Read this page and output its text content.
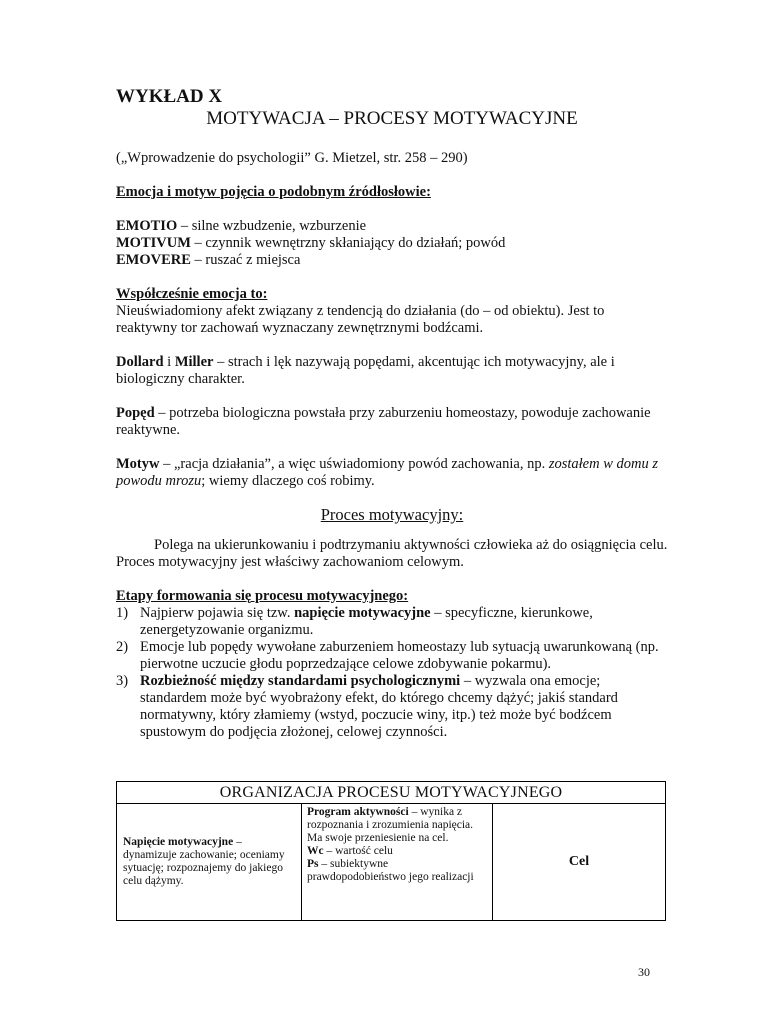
WYKŁAD X

MOTYWACJA – PROCESY MOTYWACYJNE

(„Wprowadzenie do psychologii” G. Mietzel, str. 258 – 290)

Emocja i motyw pojęcia o podobnym źródłosłowie:

EMOTIO – silne wzbudzenie, wzburzenie

MOTIVUM – czynnik wewnętrzny skłaniający do działań; powód

EMOVERE – ruszać z miejsca

Współcześnie emocja to:

Nieuświadomiony afekt związany z tendencją do działania (do – od obiektu). Jest to reaktywny tor zachowań wyznaczany zewnętrznymi bodźcami.

Dollard i Miller – strach i lęk nazywają popędami, akcentując ich motywacyjny, ale i biologiczny charakter.

Popęd – potrzeba biologiczna powstała przy zaburzeniu homeostazy, powoduje zachowanie reaktywne.

Motyw – „racja działania”, a więc uświadomiony powód zachowania, np. zostałem w domu z powodu mrozu; wiemy dlaczego coś robimy.

Proces motywacyjny:

Polega na ukierunkowaniu i podtrzymaniu aktywności człowieka aż do osiągnięcia celu. Proces motywacyjny jest właściwy zachowaniom celowym.

Etapy formowania się procesu motywacyjnego:

1) Najpierw pojawia się tzw. napięcie motywacyjne – specyficzne, kierunkowe, zenergetyzowanie organizmu.
2) Emocje lub popędy wywołane zaburzeniem homeostazy lub sytuacją uwarunkowaną (np. pierwotne uczucie głodu poprzedzające celowe zdobywanie pokarmu).
3) Rozbieżność między standardami psychologicznymi – wyzwala ona emocje; standardem może być wyobrażony efekt, do którego chcemy dążyć; jakiś standard normatywny, który złamiemy (wstyd, poczucie winy, itp.) też może być bodźcem spustowym do podjęcia złożonej, celowej czynności.
ORGANIZACJA PROCESU MOTYWACYJNEGO
Napięcie motywacyjne – dynamizuje zachowanie; oceniamy sytuację; rozpoznajemy do jakiego celu dążymy.	Program aktywności – wynika z rozpoznania i zrozumienia napięcia. Ma swoje przeniesienie na cel.
Wc – wartość celu
Ps – subiektywne prawdopodobieństwo jego realizacji	Cel
30
